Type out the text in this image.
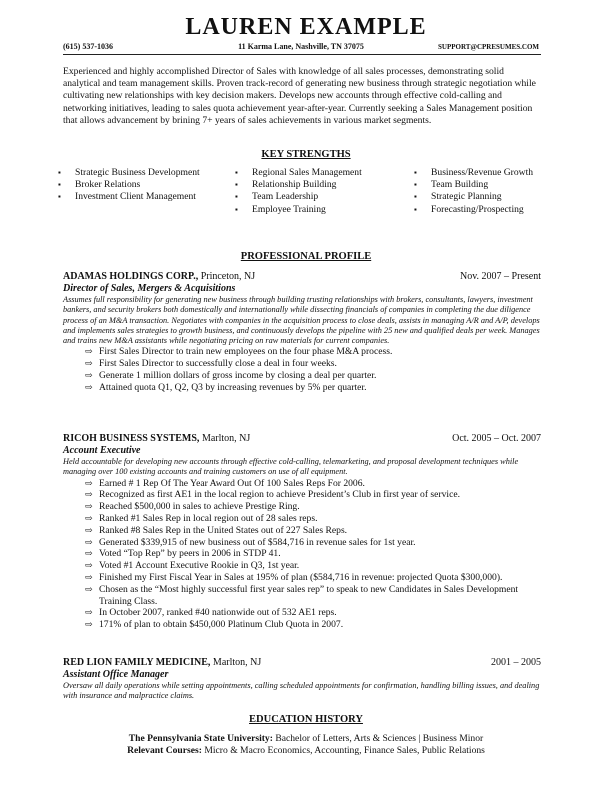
LAUREN EXAMPLE
(615) 537-1036	11 Karma Lane, Nashville, TN 37075	SUPPORT@CPRESUMES.COM

Experienced and highly accomplished Director of Sales with knowledge of all sales processes, demonstrating solid analytical and team management skills. Proven track-record of generating new business through strategic negotiation while cultivating new relationships with key decision makers. Develops new accounts through effective cold-calling and networking initiatives, leading to sales quota achievement year-after-year. Currently seeking a Sales Management position that allows advancement by brining 7+ years of sales achievements in various market segments.

KEY STRENGTHS
▪ Strategic Business Development
▪ Broker Relations
▪ Investment Client Management
▪ Regional Sales Management
▪ Relationship Building
▪ Team Leadership
▪ Employee Training
▪ Business/Revenue Growth
▪ Team Building
▪ Strategic Planning
▪ Forecasting/Prospecting
PROFESSIONAL PROFILE
ADAMAS HOLDINGS CORP., Princeton, NJ	Nov. 2007 – Present
Director of Sales, Mergers & Acquisitions

Assumes full responsibility for generating new business through building trusting relationships with brokers, consultants, lawyers, investment bankers, and security brokers both domestically and internationally while dissecting financials of companies in completing the due diligence process of an M&A transaction. Negotiates with companies in the acquisition process to close deals, assists in managing A/R and A/P, develops and implements sales strategies to growth business, and continuously develops the pipeline with 25 new and qualified deals per week. Manages and trains new M&A assistants while negotiating pricing on raw materials for current companies.

⇨ First Sales Director to train new employees on the four phase M&A process.
⇨ First Sales Director to successfully close a deal in four weeks.
⇨ Generate 1 million dollars of gross income by closing a deal per quarter.
⇨ Attained quota Q1, Q2, Q3 by increasing revenues by 5% per quarter.
RICOH BUSINESS SYSTEMS, Marlton, NJ	Oct. 2005 – Oct. 2007
Account Executive

Held accountable for developing new accounts through effective cold-calling, telemarketing, and proposal development techniques while managing over 100 existing accounts and training customers on use of all equipment.

⇨ Earned # 1 Rep Of The Year Award Out Of 100 Sales Reps For 2006.
⇨ Recognized as first AE1 in the local region to achieve President’s Club in first year of service.
⇨ Reached $500,000 in sales to achieve Prestige Ring.
⇨ Ranked #1 Sales Rep in local region out of 28 sales reps.
⇨ Ranked #8 Sales Rep in the United States out of 227 Sales Reps.
⇨ Generated $339,915 of new business out of $584,716 in revenue sales for 1st year.
⇨ Voted “Top Rep” by peers in 2006 in STDP 41.
⇨ Voted #1 Account Executive Rookie in Q3, 1st year.
⇨ Finished my First Fiscal Year in Sales at 195% of plan ($584,716 in revenue: projected Quota $300,000).
⇨ Chosen as the “Most highly successful first year sales rep” to speak to new Candidates in Sales Development Training Class.
⇨ In October 2007, ranked #40 nationwide out of 532 AE1 reps.
⇨ 171% of plan to obtain $450,000 Platinum Club Quota in 2007.
RED LION FAMILY MEDICINE, Marlton, NJ	2001 – 2005
Assistant Office Manager

Oversaw all daily operations while setting appointments, calling scheduled appointments for confirmation, handling billing issues, and dealing with insurance and malpractice claims.

EDUCATION HISTORY
The Pennsylvania State University: Bachelor of Letters, Arts & Sciences | Business Minor
Relevant Courses: Micro & Macro Economics, Accounting, Finance Sales, Public Relations
